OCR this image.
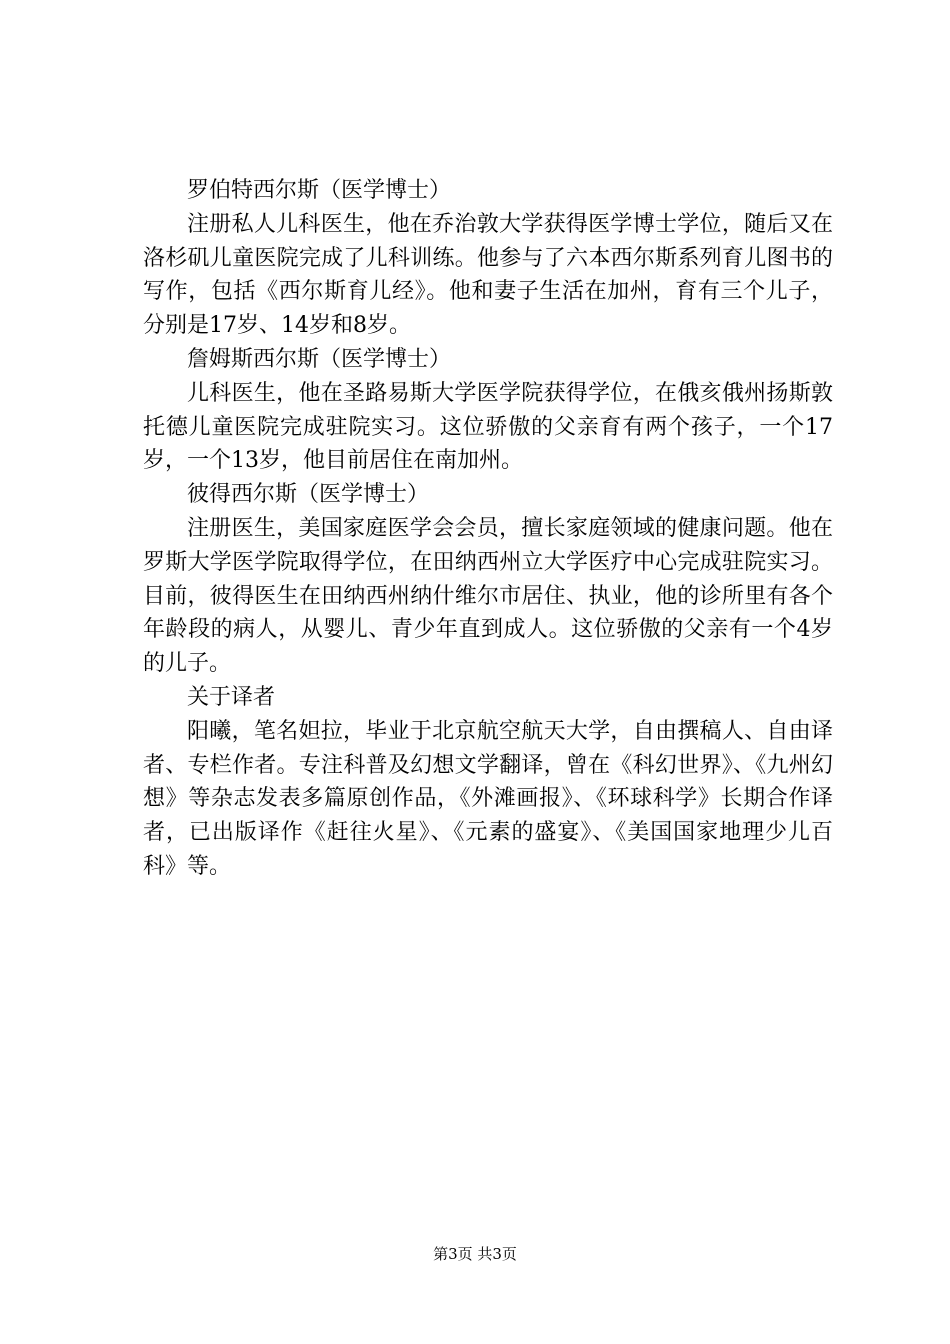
罗伯特西尔斯（医学博士）

注册私人儿科医生，他在乔治敦大学获得医学博士学位，随后又在洛杉矶儿童医院完成了儿科训练。他参与了六本西尔斯系列育儿图书的写作，包括《西尔斯育儿经》。他和妻子生活在加州，育有三个儿子，分别是17岁、14岁和8岁。

詹姆斯西尔斯（医学博士）

儿科医生，他在圣路易斯大学医学院获得学位，在俄亥俄州扬斯敦托德儿童医院完成驻院实习。这位骄傲的父亲育有两个孩子，一个17岁，一个13岁，他目前居住在南加州。

彼得西尔斯（医学博士）

注册医生，美国家庭医学会会员，擅长家庭领域的健康问题。他在罗斯大学医学院取得学位，在田纳西州立大学医疗中心完成驻院实习。目前，彼得医生在田纳西州纳什维尔市居住、执业，他的诊所里有各个年龄段的病人，从婴儿、青少年直到成人。这位骄傲的父亲有一个4岁的儿子。

关于译者

阳曦，笔名妲拉，毕业于北京航空航天大学，自由撰稿人、自由译者、专栏作者。专注科普及幻想文学翻译，曾在《科幻世界》、《九州幻想》等杂志发表多篇原创作品，《外滩画报》、《环球科学》长期合作译者，已出版译作《赶往火星》、《元素的盛宴》、《美国国家地理少儿百科》等。

第3页 共3页
